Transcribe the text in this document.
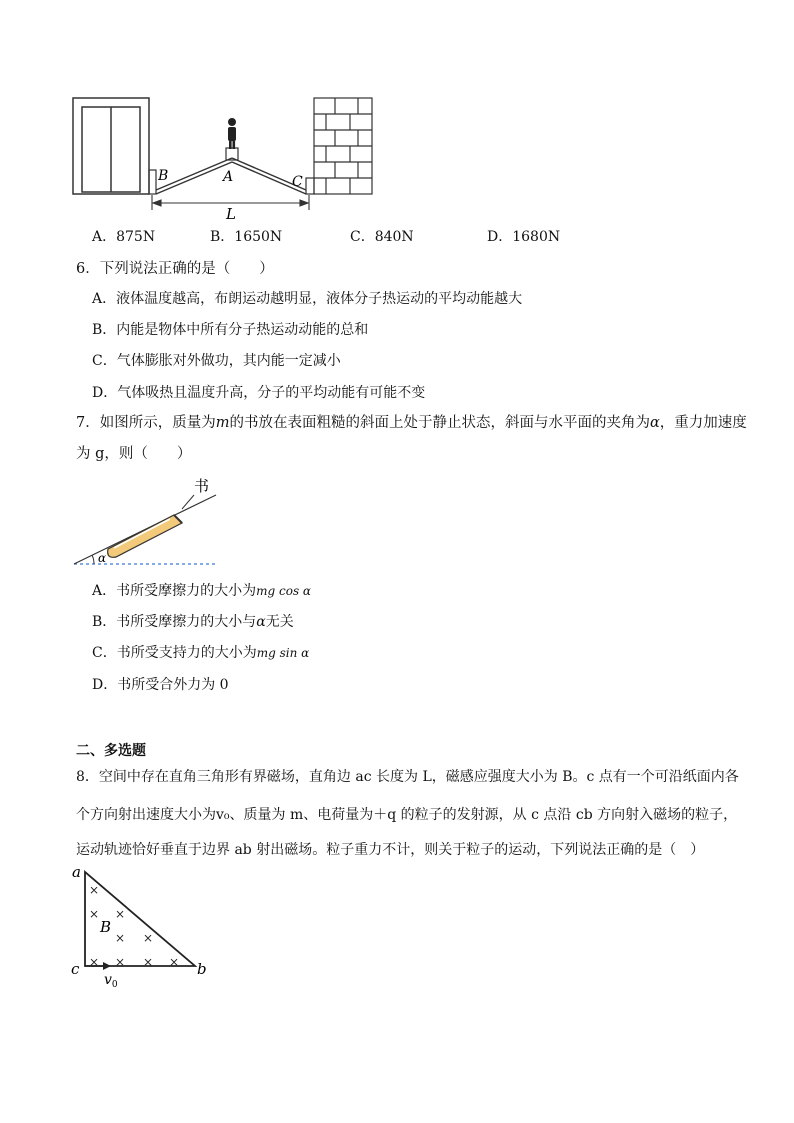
B	A	C
L
A．875N	B．1650N	C．840N	D．1680N
6．下列说法正确的是（　　）
A．液体温度越高，布朗运动越明显，液体分子热运动的平均动能越大
B．内能是物体中所有分子热运动动能的总和
C．气体膨胀对外做功，其内能一定减小
D．气体吸热且温度升高，分子的平均动能有可能不变
7．如图所示，质量为m的书放在表面粗糙的斜面上处于静止状态，斜面与水平面的夹角为α，重力加速度
为 g，则（　　）
书
α
A．书所受摩擦力的大小为mg cos α
B．书所受摩擦力的大小与α无关
C．书所受支持力的大小为mg sin α
D．书所受合外力为 0
二、多选题
8．空间中存在直角三角形有界磁场，直角边 ac 长度为 L，磁感应强度大小为 B。c 点有一个可沿纸面内各
个方向射出速度大小为v₀、质量为 m、电荷量为＋q 的粒子的发射源，从 c 点沿 cb 方向射入磁场的粒子，
运动轨迹恰好垂直于边界 ab 射出磁场。粒子重力不计，则关于粒子的运动，下列说法正确的是（　）
×
× ×
× ×
× × × ×
B
a
c	b
$v_0$
